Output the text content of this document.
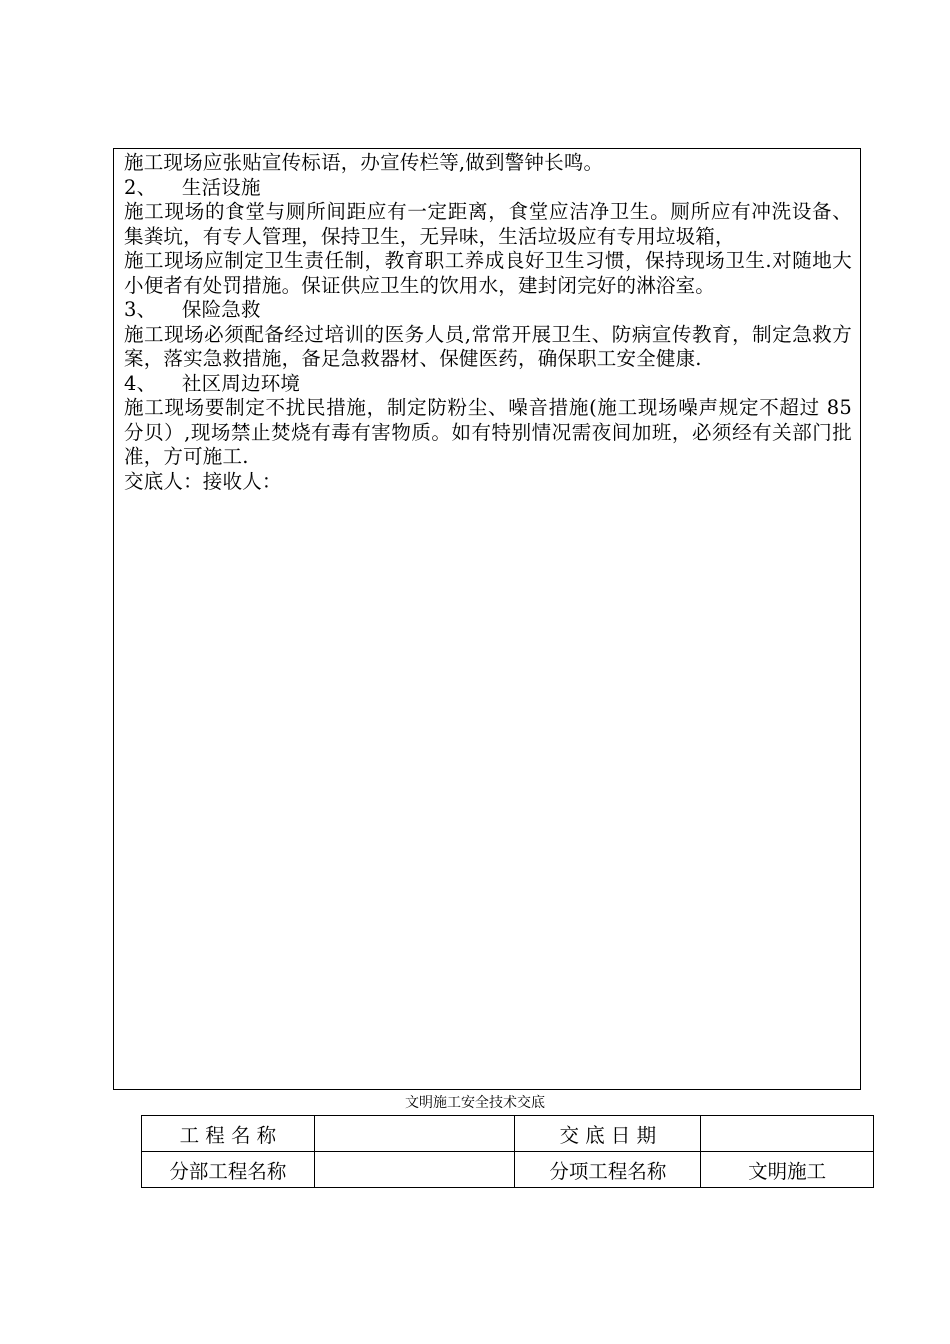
施工现场应张贴宣传标语，办宣传栏等,做到警钟长鸣。

2、    生活设施

施工现场的食堂与厕所间距应有一定距离，食堂应洁净卫生。厕所应有冲洗设备、集粪坑，有专人管理，保持卫生，无异味，生活垃圾应有专用垃圾箱，

施工现场应制定卫生责任制，教育职工养成良好卫生习惯，保持现场卫生.对随地大小便者有处罚措施。保证供应卫生的饮用水，建封闭完好的淋浴室。

3、    保险急救

施工现场必须配备经过培训的医务人员,常常开展卫生、防病宣传教育，制定急救方案，落实急救措施，备足急救器材、保健医药，确保职工安全健康.

4、    社区周边环境

施工现场要制定不扰民措施，制定防粉尘、噪音措施(施工现场噪声规定不超过 85 分贝）,现场禁止焚烧有毒有害物质。如有特别情况需夜间加班，必须经有关部门批准，方可施工.

交底人：接收人：

文明施工安全技术交底
工 程 名 称		交 底 日 期	
分部工程名称		分项工程名称	文明施工
